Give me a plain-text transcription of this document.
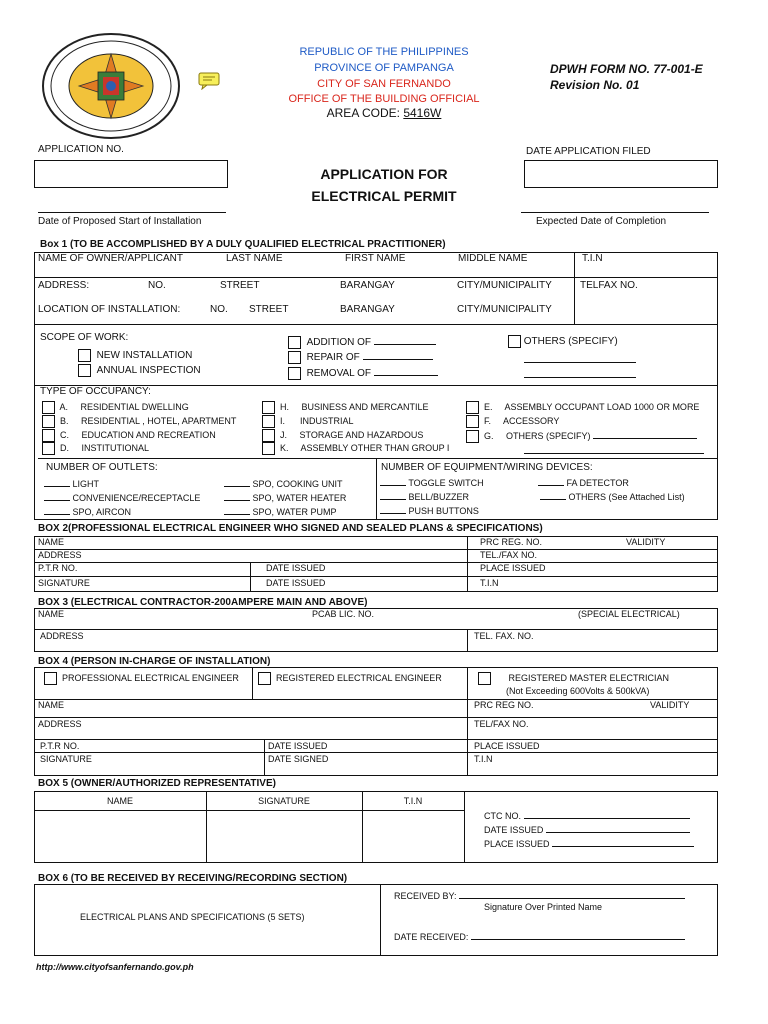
REPUBLIC OF THE PHILIPPINES
PROVINCE OF PAMPANGA
CITY OF SAN FERNANDO
OFFICE OF THE BUILDING OFFICIAL
AREA CODE: 5416W
DPWH FORM NO. 77-001-E
Revision No. 01
APPLICATION NO.	DATE APPLICATION FILED
APPLICATION FOR
ELECTRICAL PERMIT
Date of Proposed Start of Installation	Expected Date of Completion
Box 1 (TO BE ACCOMPLISHED BY A DULY QUALIFIED ELECTRICAL PRACTITIONER)
NAME OF OWNER/APPLICANT	LAST NAME	FIRST NAME	MIDDLE NAME	T.I.N
ADDRESS:	NO.	STREET	BARANGAY	CITY/MUNICIPALITY	TELFAX NO.
LOCATION OF INSTALLATION:	NO. STREET	BARANGAY	CITY/MUNICIPALITY
SCOPE OF WORK:
NEW INSTALLATION
ANNUAL INSPECTION
ADDITION OF
REPAIR OF
REMOVAL OF
OTHERS (SPECIFY)
TYPE OF OCCUPANCY:
A. RESIDENTIAL DWELLING
B. RESIDENTIAL , HOTEL, APARTMENT
C. EDUCATION AND RECREATION
D. INSTITUTIONAL
H. BUSINESS AND MERCANTILE
I. INDUSTRIAL
J. STORAGE AND HAZARDOUS
K. ASSEMBLY OTHER THAN GROUP I
E. ASSEMBLY OCCUPANT LOAD 1000 OR MORE
F. ACCESSORY
G. OTHERS (SPECIFY)
NUMBER OF OUTLETS:
LIGHT
CONVENIENCE/RECEPTACLE
SPO, AIRCON
SPO, COOKING UNIT
SPO, WATER HEATER
SPO, WATER PUMP
NUMBER OF EQUIPMENT/WIRING DEVICES:
TOGGLE SWITCH
BELL/BUZZER
PUSH BUTTONS
FA DETECTOR
OTHERS (See Attached List)
BOX 2(PROFESSIONAL ELECTRICAL ENGINEER WHO SIGNED AND SEALED PLANS & SPECIFICATIONS)
NAME	PRC REG. NO.	VALIDITY
ADDRESS	TEL./FAX NO.
P.T.R NO.	DATE ISSUED	PLACE ISSUED
SIGNATURE	DATE ISSUED	T.I.N
BOX 3 (ELECTRICAL CONTRACTOR-200AMPERE MAIN AND ABOVE)
NAME	PCAB LIC. NO.	(SPECIAL ELECTRICAL)
ADDRESS	TEL. FAX. NO.
BOX 4 (PERSON IN-CHARGE OF INSTALLATION)
PROFESSIONAL ELECTRICAL ENGINEER	REGISTERED ELECTRICAL ENGINEER	REGISTERED MASTER ELECTRICIAN
(Not Exceeding 600Volts & 500kVA)
NAME	PRC REG NO.	VALIDITY
ADDRESS	TEL/FAX NO.
P.T.R NO.	DATE ISSUED	PLACE ISSUED
SIGNATURE	DATE SIGNED	T.I.N
BOX 5 (OWNER/AUTHORIZED REPRESENTATIVE)
NAME	SIGNATURE	T.I.N
CTC NO.
DATE ISSUED
PLACE ISSUED
BOX 6 (TO BE RECEIVED BY RECEIVING/RECORDING SECTION)
ELECTRICAL PLANS AND SPECIFICATIONS (5 SETS)
RECEIVED BY:
Signature Over Printed Name
DATE RECEIVED:
http://www.cityofsanfernando.gov.ph
